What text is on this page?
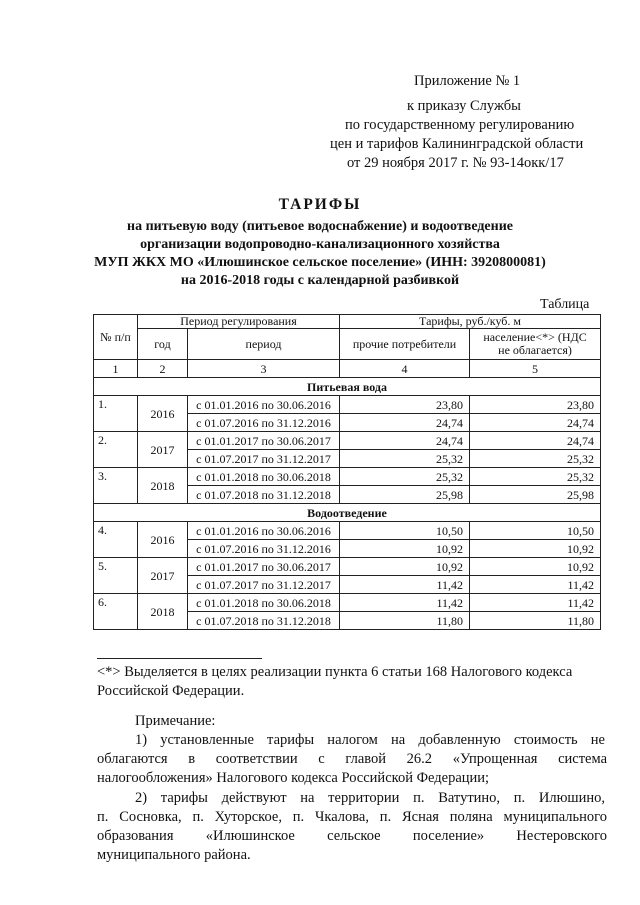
Приложение № 1
к приказу Службы
по государственному регулированию
цен и тарифов Калининградской области
от 29 ноября 2017 г. № 93-14окк/17
ТАРИФЫ
на питьевую воду (питьевое водоснабжение) и водоотведение
организации водопроводно-канализационного хозяйства
МУП ЖКХ МО «Илюшинское сельское поселение» (ИНН: 3920800081)
на 2016-2018 годы с календарной разбивкой
Таблица
№ п/п	Период регулирования		Тарифы, руб./куб. м	
	год	период	прочие потребители	население<*> (НДС не облагается)
1	2	3	4	5
Питьевая вода				
1.	2016	с 01.01.2016 по 30.06.2016	23,80	23,80
		с 01.07.2016 по 31.12.2016	24,74	24,74
2.	2017	с 01.01.2017 по 30.06.2017	24,74	24,74
		с 01.07.2017 по 31.12.2017	25,32	25,32
3.	2018	с 01.01.2018 по 30.06.2018	25,32	25,32
		с 01.07.2018 по 31.12.2018	25,98	25,98
Водоотведение				
4.	2016	с 01.01.2016 по 30.06.2016	10,50	10,50
		с 01.07.2016 по 31.12.2016	10,92	10,92
5.	2017	с 01.01.2017 по 30.06.2017	10,92	10,92
		с 01.07.2017 по 31.12.2017	11,42	11,42
6.	2018	с 01.01.2018 по 30.06.2018	11,42	11,42
		с 01.07.2018 по 31.12.2018	11,80	11,80
<*> Выделяется в целях реализации пункта 6 статьи 168 Налогового кодекса
Российской Федерации.
Примечание:
1) установленные тарифы налогом на добавленную стоимость не
облагаются в соответствии с главой 26.2 «Упрощенная система
налогообложения» Налогового кодекса Российской Федерации;
2) тарифы действуют на территории п. Ватутино, п. Илюшино,
п. Сосновка, п. Хуторское, п. Чкалова, п. Ясная поляна муниципального
образования «Илюшинское сельское поселение» Нестеровского
муниципального района.
